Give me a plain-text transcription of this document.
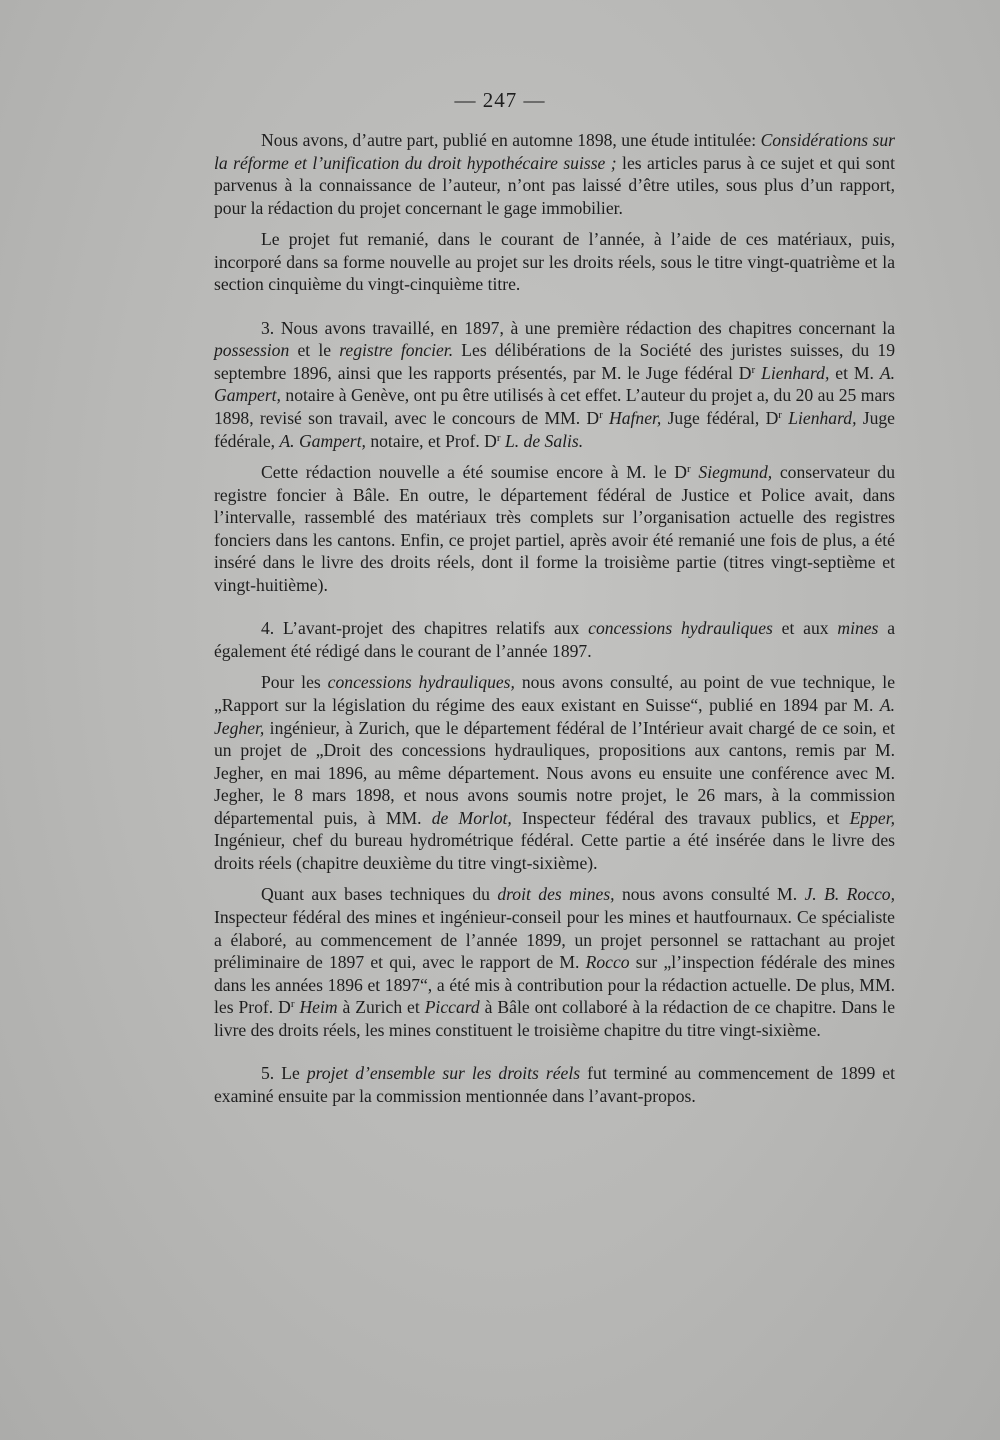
— 247 —

Nous avons, d’autre part, publié en automne 1898, une étude intitulée: Considérations sur la réforme et l’unification du droit hypothécaire suisse ; les articles parus à ce sujet et qui sont parvenus à la connaissance de l’auteur, n’ont pas laissé d’être utiles, sous plus d’un rapport, pour la rédaction du projet concernant le gage immobilier.

Le projet fut remanié, dans le courant de l’année, à l’aide de ces matériaux, puis, incorporé dans sa forme nouvelle au projet sur les droits réels, sous le titre vingt-quatrième et la section cinquième du vingt-cinquième titre.

3. Nous avons travaillé, en 1897, à une première rédaction des chapitres concernant la possession et le registre foncier. Les délibérations de la Société des juristes suisses, du 19 septembre 1896, ainsi que les rapports présentés, par M. le Juge fédéral $D^r$ Lienhard, et M. A. Gampert, notaire à Genève, ont pu être utilisés à cet effet. L’auteur du projet a, du 20 au 25 mars 1898, revisé son travail, avec le concours de MM. $D^r$ Hafner, Juge fédéral, $D^r$ Lienhard, Juge fédérale, A. Gampert, notaire, et Prof. $D^r$ L. de Salis.

Cette rédaction nouvelle a été soumise encore à M. le $D^r$ Siegmund, conservateur du registre foncier à Bâle. En outre, le département fédéral de Justice et Police avait, dans l’intervalle, rassemblé des matériaux très complets sur l’organisation actuelle des registres fonciers dans les cantons. Enfin, ce projet partiel, après avoir été remanié une fois de plus, a été inséré dans le livre des droits réels, dont il forme la troisième partie (titres vingt-septième et vingt-huitième).

4. L’avant-projet des chapitres relatifs aux concessions hydrauliques et aux mines a également été rédigé dans le courant de l’année 1897.

Pour les concessions hydrauliques, nous avons consulté, au point de vue technique, le „Rapport sur la législation du régime des eaux existant en Suisse“, publié en 1894 par M. A. Jegher, ingénieur, à Zurich, que le département fédéral de l’Intérieur avait chargé de ce soin, et un projet de „Droit des concessions hydrauliques, propositions aux cantons, remis par M. Jegher, en mai 1896, au même département. Nous avons eu ensuite une conférence avec M. Jegher, le 8 mars 1898, et nous avons soumis notre projet, le 26 mars, à la commission départemental puis, à MM. de Morlot, Inspecteur fédéral des travaux publics, et Epper, Ingénieur, chef du bureau hydrométrique fédéral. Cette partie a été insérée dans le livre des droits réels (chapitre deuxième du titre vingt-sixième).

Quant aux bases techniques du droit des mines, nous avons consulté M. J. B. Rocco, Inspecteur fédéral des mines et ingénieur-conseil pour les mines et hautfournaux. Ce spécialiste a élaboré, au commencement de l’année 1899, un projet personnel se rattachant au projet préliminaire de 1897 et qui, avec le rapport de M. Rocco sur „l’inspection fédérale des mines dans les années 1896 et 1897“, a été mis à contribution pour la rédaction actuelle. De plus, MM. les Prof. $D^r$ Heim à Zurich et Piccard à Bâle ont collaboré à la rédaction de ce chapitre. Dans le livre des droits réels, les mines constituent le troisième chapitre du titre vingt-sixième.

5. Le projet d’ensemble sur les droits réels fut terminé au commencement de 1899 et examiné ensuite par la commission mentionnée dans l’avant-propos.
